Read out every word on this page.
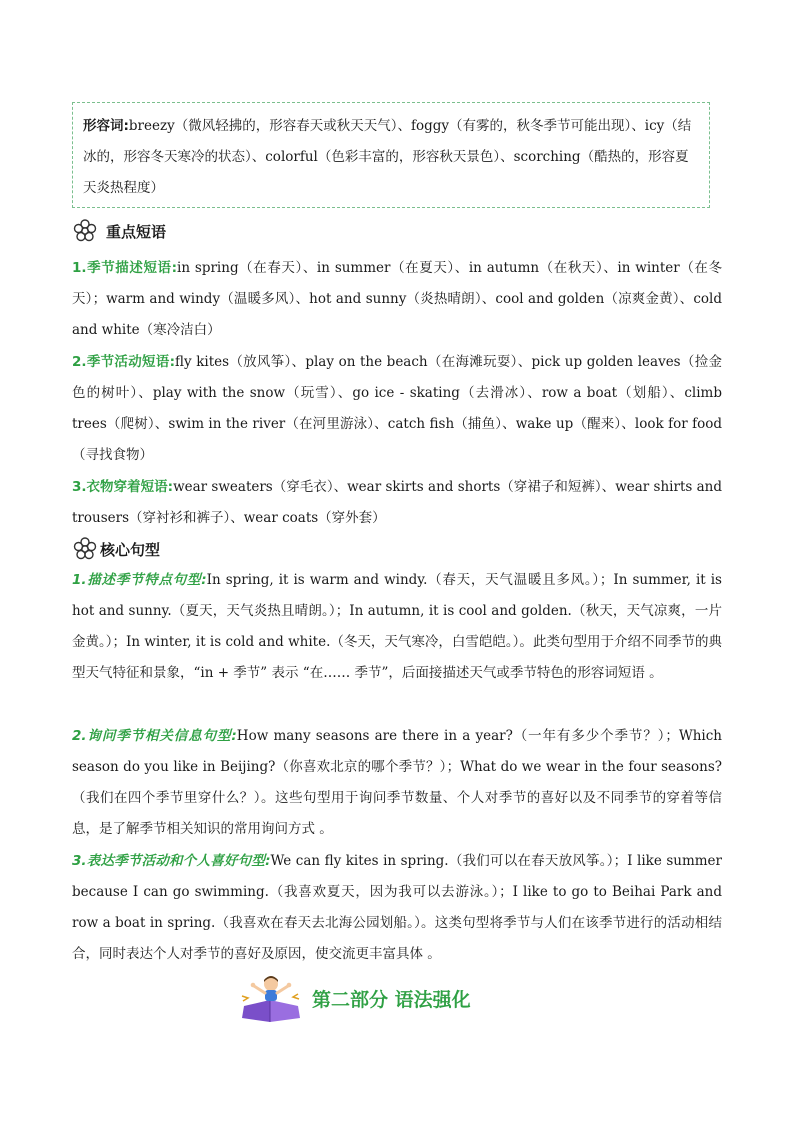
形容词:breezy（微风轻拂的，形容春天或秋天天气）、foggy（有雾的，秋冬季节可能出现）、icy（结冰的，形容冬天寒冷的状态）、colorful（色彩丰富的，形容秋天景色）、scorching（酷热的，形容夏天炎热程度）
重点短语
1.季节描述短语:in spring（在春天）、in summer（在夏天）、in autumn（在秋天）、in winter（在冬天）；warm and windy（温暖多风）、hot and sunny（炎热晴朗）、cool and golden（凉爽金黄）、cold and white（寒冷洁白）
2.季节活动短语:fly kites（放风筝）、play on the beach（在海滩玩耍）、pick up golden leaves（捡金色的树叶）、play with the snow（玩雪）、go ice - skating（去滑冰）、row a boat（划船）、climb trees（爬树）、swim in the river（在河里游泳）、catch fish（捕鱼）、wake up（醒来）、look for food（寻找食物）
3.衣物穿着短语:wear sweaters（穿毛衣）、wear skirts and shorts（穿裙子和短裤）、wear shirts and trousers（穿衬衫和裤子）、wear coats（穿外套）
核心句型
1.描述季节特点句型:In spring, it is warm and windy.（春天，天气温暖且多风。）；In summer, it is hot and sunny.（夏天，天气炎热且晴朗。）；In autumn, it is cool and golden.（秋天，天气凉爽，一片金黄。）；In winter, it is cold and white.（冬天，天气寒冷，白雪皑皑。）。此类句型用于介绍不同季节的典型天气特征和景象，“in + 季节” 表示 “在…… 季节”，后面接描述天气或季节特色的形容词短语 。
2.询问季节相关信息句型:How many seasons are there in a year?（一年有多少个季节？）；Which season do you like in Beijing?（你喜欢北京的哪个季节？）；What do we wear in the four seasons?（我们在四个季节里穿什么？）。这些句型用于询问季节数量、个人对季节的喜好以及不同季节的穿着等信息，是了解季节相关知识的常用询问方式 。
3.表达季节活动和个人喜好句型:We can fly kites in spring.（我们可以在春天放风筝。）；I like summer because I can go swimming.（我喜欢夏天，因为我可以去游泳。）；I like to go to Beihai Park and row a boat in spring.（我喜欢在春天去北海公园划船。）。这类句型将季节与人们在该季节进行的活动相结合，同时表达个人对季节的喜好及原因，使交流更丰富具体 。
第二部分 语法强化
